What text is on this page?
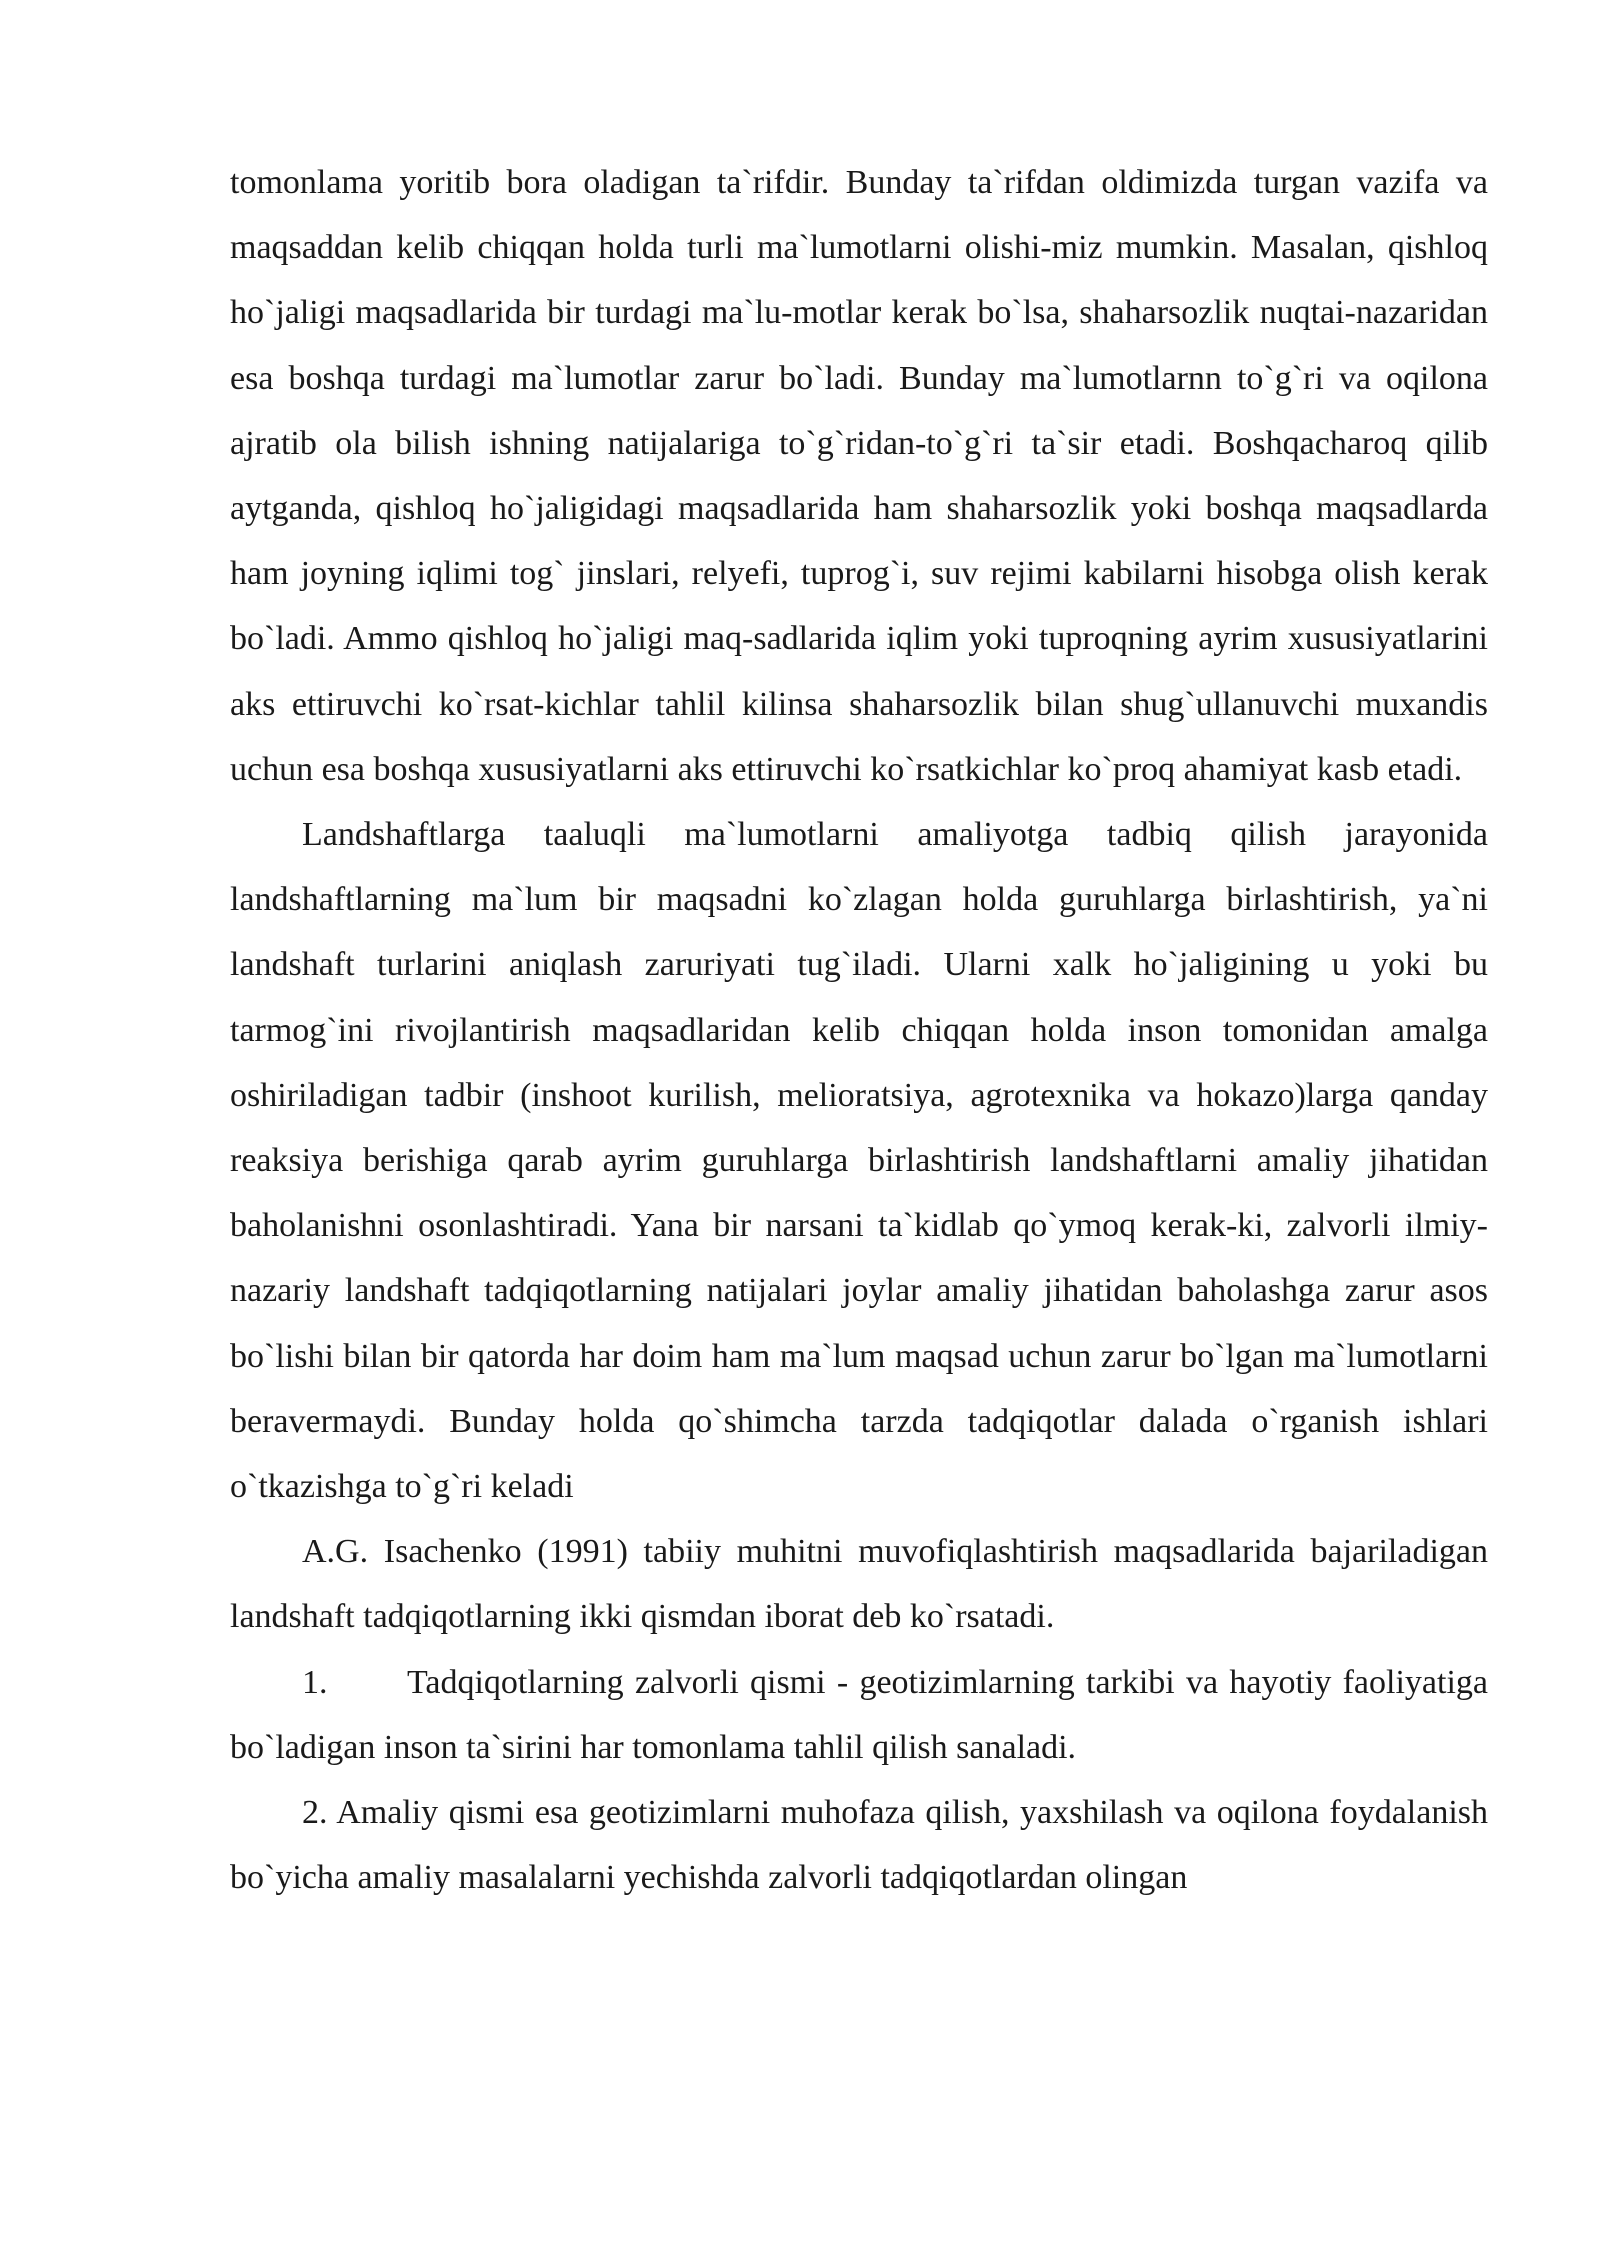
tomonlama yoritib bora oladigan ta`rifdir. Bunday ta`rifdan oldimizda turgan vazifa va maqsaddan kelib chiqqan holda turli ma`lumotlarni olishi-miz mumkin. Masalan, qishloq ho`jaligi maqsadlarida bir turdagi ma`lu-motlar kerak bo`lsa, shaharsozlik nuqtai-nazaridan esa boshqa turdagi ma`lumotlar zarur bo`ladi. Bunday ma`lumotlarnn to`g`ri va oqilona ajratib ola bilish ishning natijalariga to`g`ridan-to`g`ri ta`sir etadi. Boshqacharoq qilib aytganda, qishloq ho`jaligidagi maqsadlarida ham shaharsozlik yoki boshqa maqsadlarda ham joyning iqlimi tog` jinslari, relyefi, tuprog`i, suv rejimi kabilarni hisobga olish kerak bo`ladi. Ammo qishloq ho`jaligi maq-sadlarida iqlim yoki tuproqning ayrim xususiyatlarini aks ettiruvchi ko`rsat-kichlar tahlil kilinsa shaharsozlik bilan shug`ullanuvchi muxandis uchun esa boshqa xususiyatlarni aks ettiruvchi ko`rsatkichlar ko`proq ahamiyat kasb etadi.

Landshaftlarga taaluqli ma`lumotlarni amaliyotga tadbiq qilish jarayonida landshaftlarning ma`lum bir maqsadni ko`zlagan holda guruhlarga birlashtirish, ya`ni landshaft turlarini aniqlash zaruriyati tug`iladi. Ularni xalk ho`jaligining u yoki bu tarmog`ini rivojlantirish maqsadlaridan kelib chiqqan holda inson tomonidan amalga oshiriladigan tadbir (inshoot kurilish, melioratsiya, agrotexnika va hokazo)larga qanday reaksiya berishiga qarab ayrim guruhlarga birlashtirish landshaftlarni amaliy jihatidan baholanishni osonlashtiradi. Yana bir narsani ta`kidlab qo`ymoq kerak-ki, zalvorli ilmiy-nazariy landshaft tadqiqotlarning natijalari joylar amaliy jihatidan baholashga zarur asos bo`lishi bilan bir qatorda har doim ham ma`lum maqsad uchun zarur bo`lgan ma`lumotlarni beravermaydi. Bunday holda qo`shimcha tarzda tadqiqotlar dalada o`rganish ishlari o`tkazishga to`g`ri keladi

A.G. Isachenko (1991) tabiiy muhitni muvofiqlashtirish maqsadlarida bajariladigan landshaft tadqiqotlarning ikki qismdan iborat deb ko`rsatadi.

1. Tadqiqotlarning zalvorli qismi - geotizimlarning tarkibi va hayotiy faoliyatiga bo`ladigan inson ta`sirini har tomonlama tahlil qilish sanaladi.

2. Amaliy qismi esa geotizimlarni muhofaza qilish, yaxshilash va oqilona foydalanish bo`yicha amaliy masalalarni yechishda zalvorli tadqiqotlardan olingan
